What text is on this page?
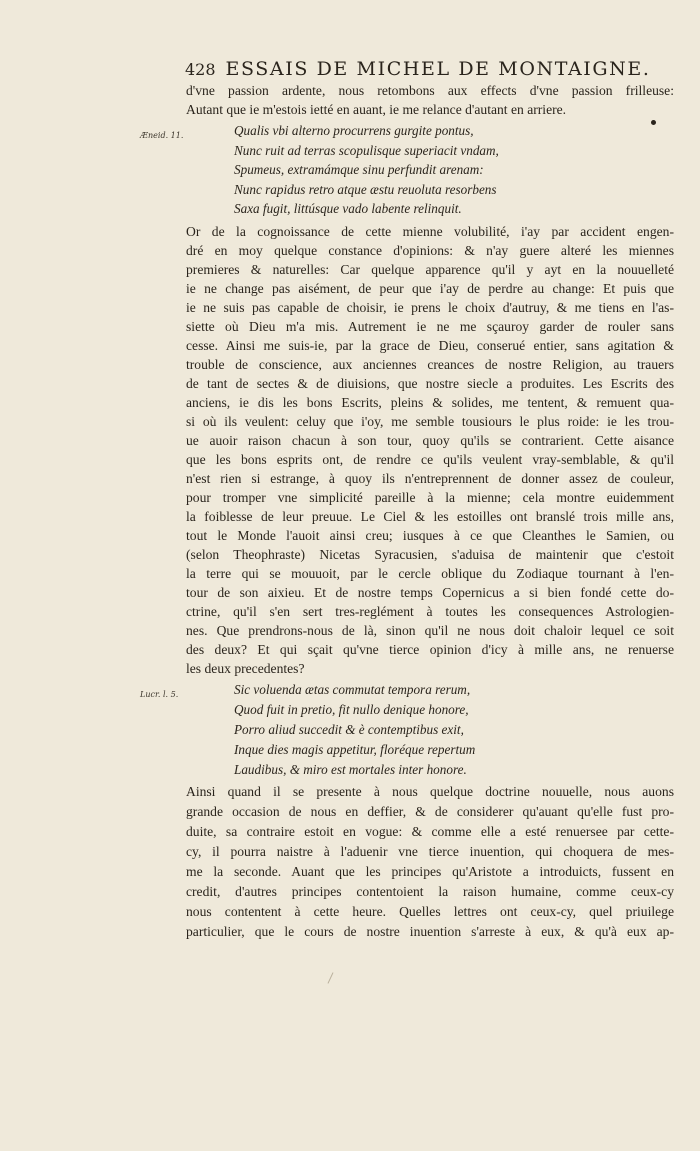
428 ESSAIS DE MICHEL DE MONTAIGNE.
Æneid. 11.
Lucr. l. 5.
d'vne passion ardente, nous retombons aux effects d'vne passion frilleuse:
Autant que ie m'estois ietté en auant, ie me relance d'autant en arriere.
Qualis vbi alterno procurrens gurgite pontus,
Nunc ruit ad terras scopulisque superiacit vndam,
Spumeus, extramámque sinu perfundit arenam:
Nunc rapidus retro atque æstu reuoluta resorbens
Saxa fugit, littúsque vado labente relinquit.
Or de la cognoissance de cette mienne volubilité, i'ay par accident engen-
dré en moy quelque constance d'opinions: & n'ay guere alteré les miennes
premieres & naturelles: Car quelque apparence qu'il y ayt en la nouuelleté
ie ne change pas aisément, de peur que i'ay de perdre au change: Et puis que
ie ne suis pas capable de choisir, ie prens le choix d'autruy, & me tiens en l'as-
siette où Dieu m'a mis. Autrement ie ne me sçauroy garder de rouler sans
cesse. Ainsi me suis-ie, par la grace de Dieu, conserué entier, sans agitation &
trouble de conscience, aux anciennes creances de nostre Religion, au trauers
de tant de sectes & de diuisions, que nostre siecle a produites. Les Escrits des
anciens, ie dis les bons Escrits, pleins & solides, me tentent, & remuent qua-
si où ils veulent: celuy que i'oy, me semble tousiours le plus roide: ie les trou-
ue auoir raison chacun à son tour, quoy qu'ils se contrarient. Cette aisance
que les bons esprits ont, de rendre ce qu'ils veulent vray-semblable, & qu'il
n'est rien si estrange, à quoy ils n'entreprennent de donner assez de couleur,
pour tromper vne simplicité pareille à la mienne; cela montre euidemment
la foiblesse de leur preuue. Le Ciel & les estoilles ont branslé trois mille ans,
tout le Monde l'auoit ainsi creu; iusques à ce que Cleanthes le Samien, ou
(selon Theophraste) Nicetas Syracusien, s'aduisa de maintenir que c'estoit
la terre qui se mouuoit, par le cercle oblique du Zodiaque tournant à l'en-
tour de son aixieu. Et de nostre temps Copernicus a si bien fondé cette do-
ctrine, qu'il s'en sert tres-reglément à toutes les consequences Astrologien-
nes. Que prendrons-nous de là, sinon qu'il ne nous doit chaloir lequel ce soit
des deux? Et qui sçait qu'vne tierce opinion d'icy à mille ans, ne renuerse
les deux precedentes?
Sic voluenda ætas commutat tempora rerum,
Quod fuit in pretio, fit nullo denique honore,
Porro aliud succedit & è contemptibus exit,
Inque dies magis appetitur, floréque repertum
Laudibus, & miro est mortales inter honore.
Ainsi quand il se presente à nous quelque doctrine nouuelle, nous auons
grande occasion de nous en deffier, & de considerer qu'auant qu'elle fust pro-
duite, sa contraire estoit en vogue: & comme elle a esté renuersee par cette-
cy, il pourra naistre à l'aduenir vne tierce inuention, qui choquera de mes-
me la seconde. Auant que les principes qu'Aristote a introduicts, fussent en
credit, d'autres principes contentoient la raison humaine, comme ceux-cy
nous contentent à cette heure. Quelles lettres ont ceux-cy, quel priuilege
particulier, que le cours de nostre inuention s'arreste à eux, & qu'à eux ap-
